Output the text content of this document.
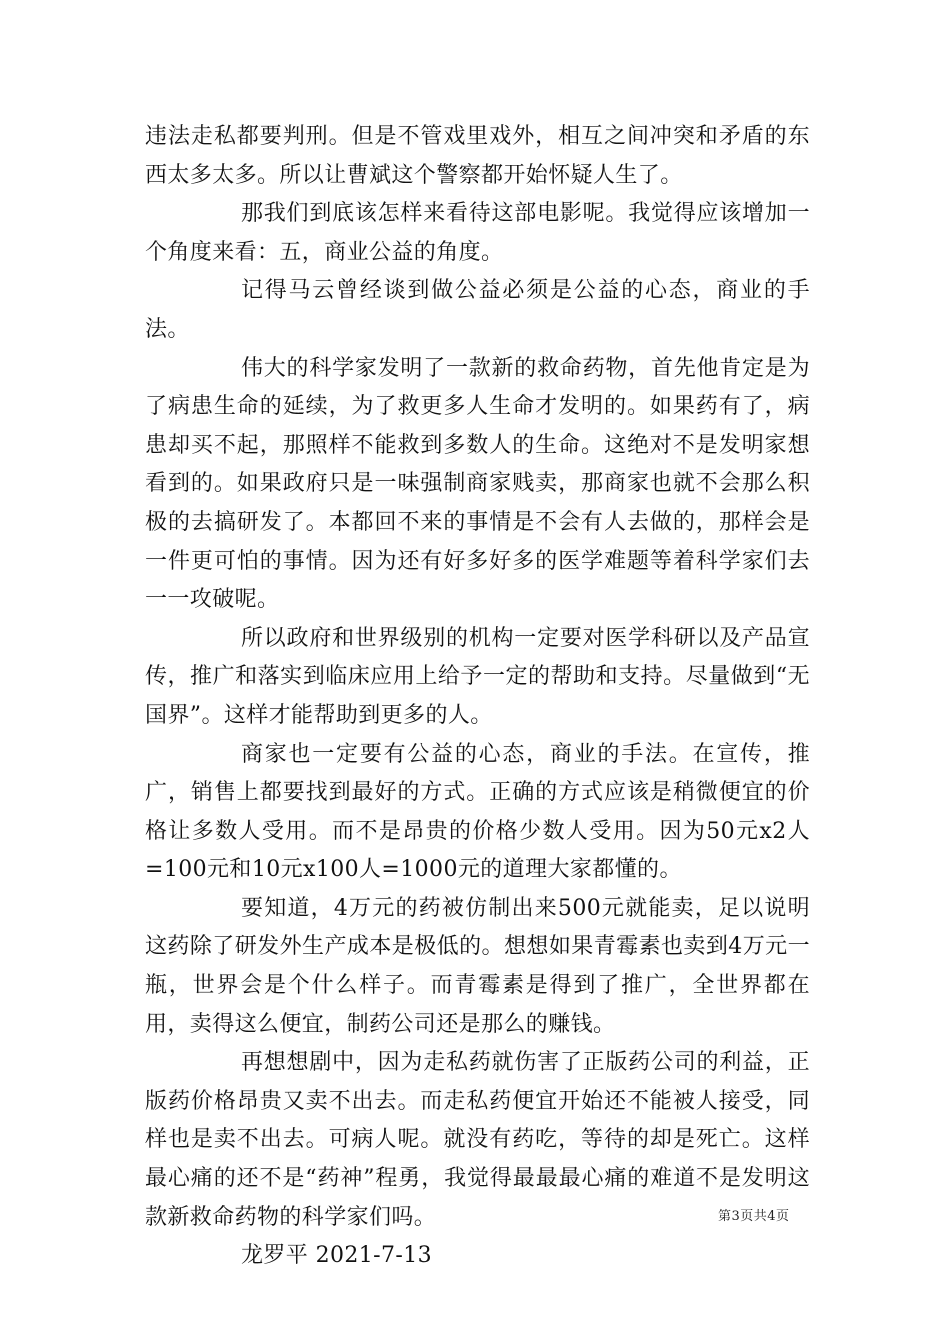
违法走私都要判刑。但是不管戏里戏外，相互之间冲突和矛盾的东西太多太多。所以让曹斌这个警察都开始怀疑人生了。

那我们到底该怎样来看待这部电影呢。我觉得应该增加一个角度来看：五，商业公益的角度。

记得马云曾经谈到做公益必须是公益的心态，商业的手法。

伟大的科学家发明了一款新的救命药物，首先他肯定是为了病患生命的延续，为了救更多人生命才发明的。如果药有了，病患却买不起，那照样不能救到多数人的生命。这绝对不是发明家想看到的。如果政府只是一味强制商家贱卖，那商家也就不会那么积极的去搞研发了。本都回不来的事情是不会有人去做的，那样会是一件更可怕的事情。因为还有好多好多的医学难题等着科学家们去一一攻破呢。

所以政府和世界级别的机构一定要对医学科研以及产品宣传，推广和落实到临床应用上给予一定的帮助和支持。尽量做到“无国界”。这样才能帮助到更多的人。

商家也一定要有公益的心态，商业的手法。在宣传，推广，销售上都要找到最好的方式。正确的方式应该是稍微便宜的价格让多数人受用。而不是昂贵的价格少数人受用。因为50元x2人=100元和10元x100人=1000元的道理大家都懂的。

要知道，4万元的药被仿制出来500元就能卖，足以说明这药除了研发外生产成本是极低的。想想如果青霉素也卖到4万元一瓶，世界会是个什么样子。而青霉素是得到了推广，全世界都在用，卖得这么便宜，制药公司还是那么的赚钱。

再想想剧中，因为走私药就伤害了正版药公司的利益，正版药价格昂贵又卖不出去。而走私药便宜开始还不能被人接受，同样也是卖不出去。可病人呢。就没有药吃，等待的却是死亡。这样最心痛的还不是“药神”程勇，我觉得最最最心痛的难道不是发明这款新救命药物的科学家们吗。

龙罗平 2021-7-13

第3页共4页
